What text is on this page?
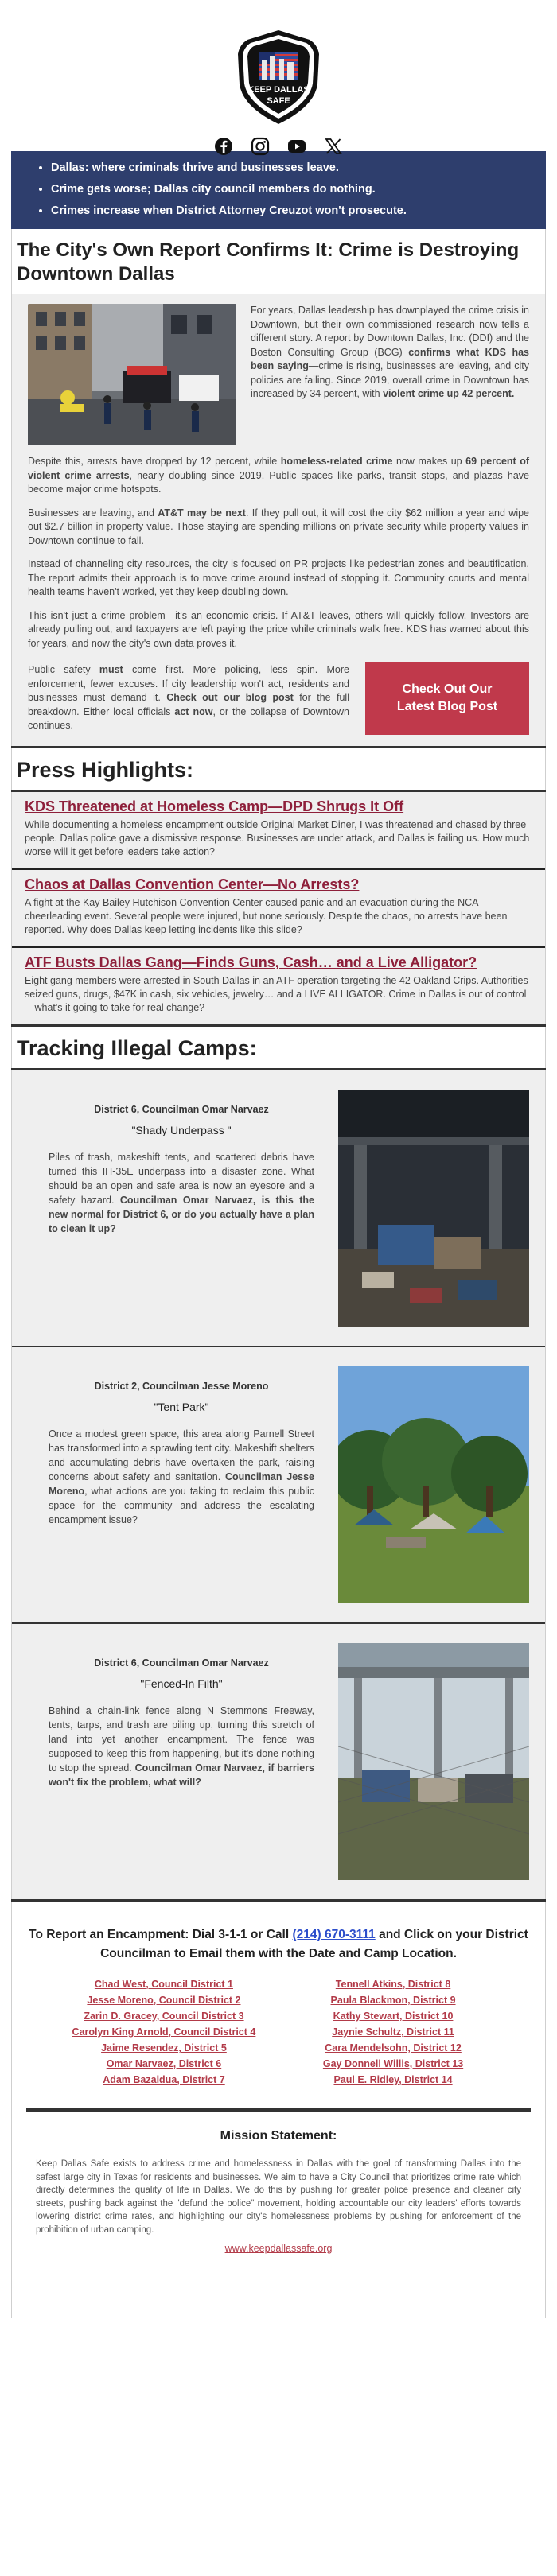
KEEP DALLAS
SAFE
• Dallas: where criminals thrive and businesses leave.
• Crime gets worse; Dallas city council members do nothing.
• Crimes increase when District Attorney Creuzot won't prosecute.
The City's Own Report Confirms It: Crime is Destroying Downtown Dallas

For years, Dallas leadership has downplayed the crime crisis in Downtown, but their own commissioned research now tells a different story. A report by Downtown Dallas, Inc. (DDI) and the Boston Consulting Group (BCG) confirms what KDS has been saying—crime is rising, businesses are leaving, and city policies are failing. Since 2019, overall crime in Downtown has increased by 34 percent, with violent crime up 42 percent.

Despite this, arrests have dropped by 12 percent, while homeless-related crime now makes up 69 percent of violent crime arrests, nearly doubling since 2019. Public spaces like parks, transit stops, and plazas have become major crime hotspots.

Businesses are leaving, and AT&T may be next. If they pull out, it will cost the city $62 million a year and wipe out $2.7 billion in property value. Those staying are spending millions on private security while property values in Downtown continue to fall.

Instead of channeling city resources, the city is focused on PR projects like pedestrian zones and beautification. The report admits their approach is to move crime around instead of stopping it. Community courts and mental health teams haven't worked, yet they keep doubling down.

This isn't just a crime problem—it's an economic crisis. If AT&T leaves, others will quickly follow. Investors are already pulling out, and taxpayers are left paying the price while criminals walk free. KDS has warned about this for years, and now the city's own data proves it.

Public safety must come first. More policing, less spin. More enforcement, fewer excuses. If city leadership won't act, residents and businesses must demand it. Check out our blog post for the full breakdown. Either local officials act now, or the collapse of Downtown continues.

Check Out Our Latest Blog Post
Press Highlights:
KDS Threatened at Homeless Camp—DPD Shrugs It Off

While documenting a homeless encampment outside Original Market Diner, I was threatened and chased by three people. Dallas police gave a dismissive response. Businesses are under attack, and Dallas is failing us. How much worse will it get before leaders take action?

Chaos at Dallas Convention Center—No Arrests?

A fight at the Kay Bailey Hutchison Convention Center caused panic and an evacuation during the NCA cheerleading event. Several people were injured, but none seriously. Despite the chaos, no arrests have been reported. Why does Dallas keep letting incidents like this slide?

ATF Busts Dallas Gang—Finds Guns, Cash… and a Live Alligator?

Eight gang members were arrested in South Dallas in an ATF operation targeting the 42 Oakland Crips. Authorities seized guns, drugs, $47K in cash, six vehicles, jewelry… and a LIVE ALLIGATOR. Crime in Dallas is out of control—what's it going to take for real change?

Tracking Illegal Camps:
District 6, Councilman Omar Narvaez
"Shady Underpass "

Piles of trash, makeshift tents, and scattered debris have turned this IH-35E underpass into a disaster zone. What should be an open and safe area is now an eyesore and a safety hazard. Councilman Omar Narvaez, is this the new normal for District 6, or do you actually have a plan to clean it up?

District 2, Councilman Jesse Moreno
"Tent Park"

Once a modest green space, this area along Parnell Street has transformed into a sprawling tent city. Makeshift shelters and accumulating debris have overtaken the park, raising concerns about safety and sanitation. Councilman Jesse Moreno, what actions are you taking to reclaim this public space for the community and address the escalating encampment issue?

District 6, Councilman Omar Narvaez
"Fenced-In Filth"

Behind a chain-link fence along N Stemmons Freeway, tents, tarps, and trash are piling up, turning this stretch of land into yet another encampment. The fence was supposed to keep this from happening, but it's done nothing to stop the spread. Councilman Omar Narvaez, if barriers won't fix the problem, what will?

To Report an Encampment: Dial 3-1-1 or Call (214) 670-3111 and Click on your District Councilman to Email them with the Date and Camp Location.
Chad West, Council District 1
Jesse Moreno, Council District 2
Zarin D. Gracey, Council District 3
Carolyn King Arnold, Council District 4
Jaime Resendez, District 5
Omar Narvaez, District 6
Adam Bazaldua, District 7
Tennell Atkins, District 8
Paula Blackmon, District 9
Kathy Stewart, District 10
Jaynie Schultz, District 11
Cara Mendelsohn, District 12
Gay Donnell Willis, District 13
Paul E. Ridley, District 14
Mission Statement:

Keep Dallas Safe exists to address crime and homelessness in Dallas with the goal of transforming Dallas into the safest large city in Texas for residents and businesses. We aim to have a City Council that prioritizes crime rate which directly determines the quality of life in Dallas. We do this by pushing for greater police presence and cleaner city streets, pushing back against the "defund the police" movement, holding accountable our city leaders' efforts towards lowering district crime rates, and highlighting our city's homelessness problems by pushing for enforcement of the prohibition of urban camping.

www.keepdallassafe.org
